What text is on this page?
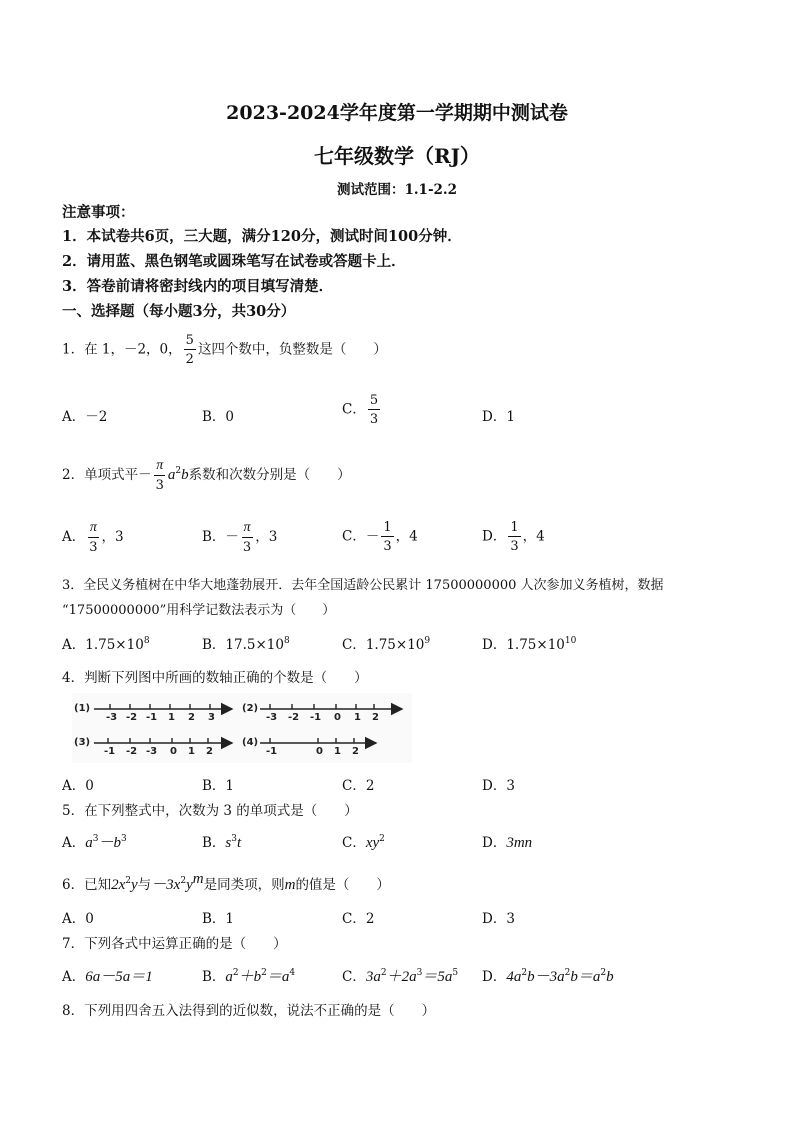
2023-2024学年度第一学期期中测试卷
七年级数学（RJ）
测试范围：1.1-2.2
注意事项：
1．本试卷共6页，三大题，满分120分，测试时间100分钟．
2．请用蓝、黑色钢笔或圆珠笔写在试卷或答题卡上．
3．答卷前请将密封线内的项目填写清楚．
一、选择题（每小题3分，共30分）
1．在 1，－2，0， $\frac{5}{2}$ 这四个数中，负整数是（　　）
A．－2	B．0	C． $\frac{5}{3}$	D．1
2．单项式平－ $\frac{\pi}{3} a^2b$系数和次数分别是（　　）
A． $\frac{\pi}{3}$ ，3	B．－ $\frac{\pi}{3}$ ，3	C．－ $\frac{1}{3}$ ，4	D． $\frac{1}{3}$ ，4
3．全民义务植树在中华大地蓬勃展开．去年全国适龄公民累计 17500000000 人次参加义务植树，数据
“17500000000”用科学记数法表示为（　　）
A．$1.75\times 10^8$	B．$17.5\times 10^8$	C．$1.75\times 10^9$	D．$1.75\times 10^{10}$
4．判断下列图中所画的数轴正确的个数是（　　）
(1)
-3 -2 -1 1 2 3
(2)
-3 -2 -1 0 1 2
(3)
-1 -2 -3 0 1 2
(4)
-1	0 1 2
A．0	B．1	C．2	D．3
5．在下列整式中，次数为 3 的单项式是（　　）
A．$a^3-b^3$	B．$s^3t$	C．$xy^2$	D．3mn
6．已知$2x^2y$与$-3x^2y^m$是同类项，则m的值是（　　）
A．0	B．1	C．2	D．3
7．下列各式中运算正确的是（　　）
A．6a－5a＝1	B．$a^2+b^2=a^4$	C．$3a^2+2a^3=5a^5$ D．$4a^2b-3a^2b=a^2b$
8．下列用四舍五入法得到的近似数，说法不正确的是（　　）
